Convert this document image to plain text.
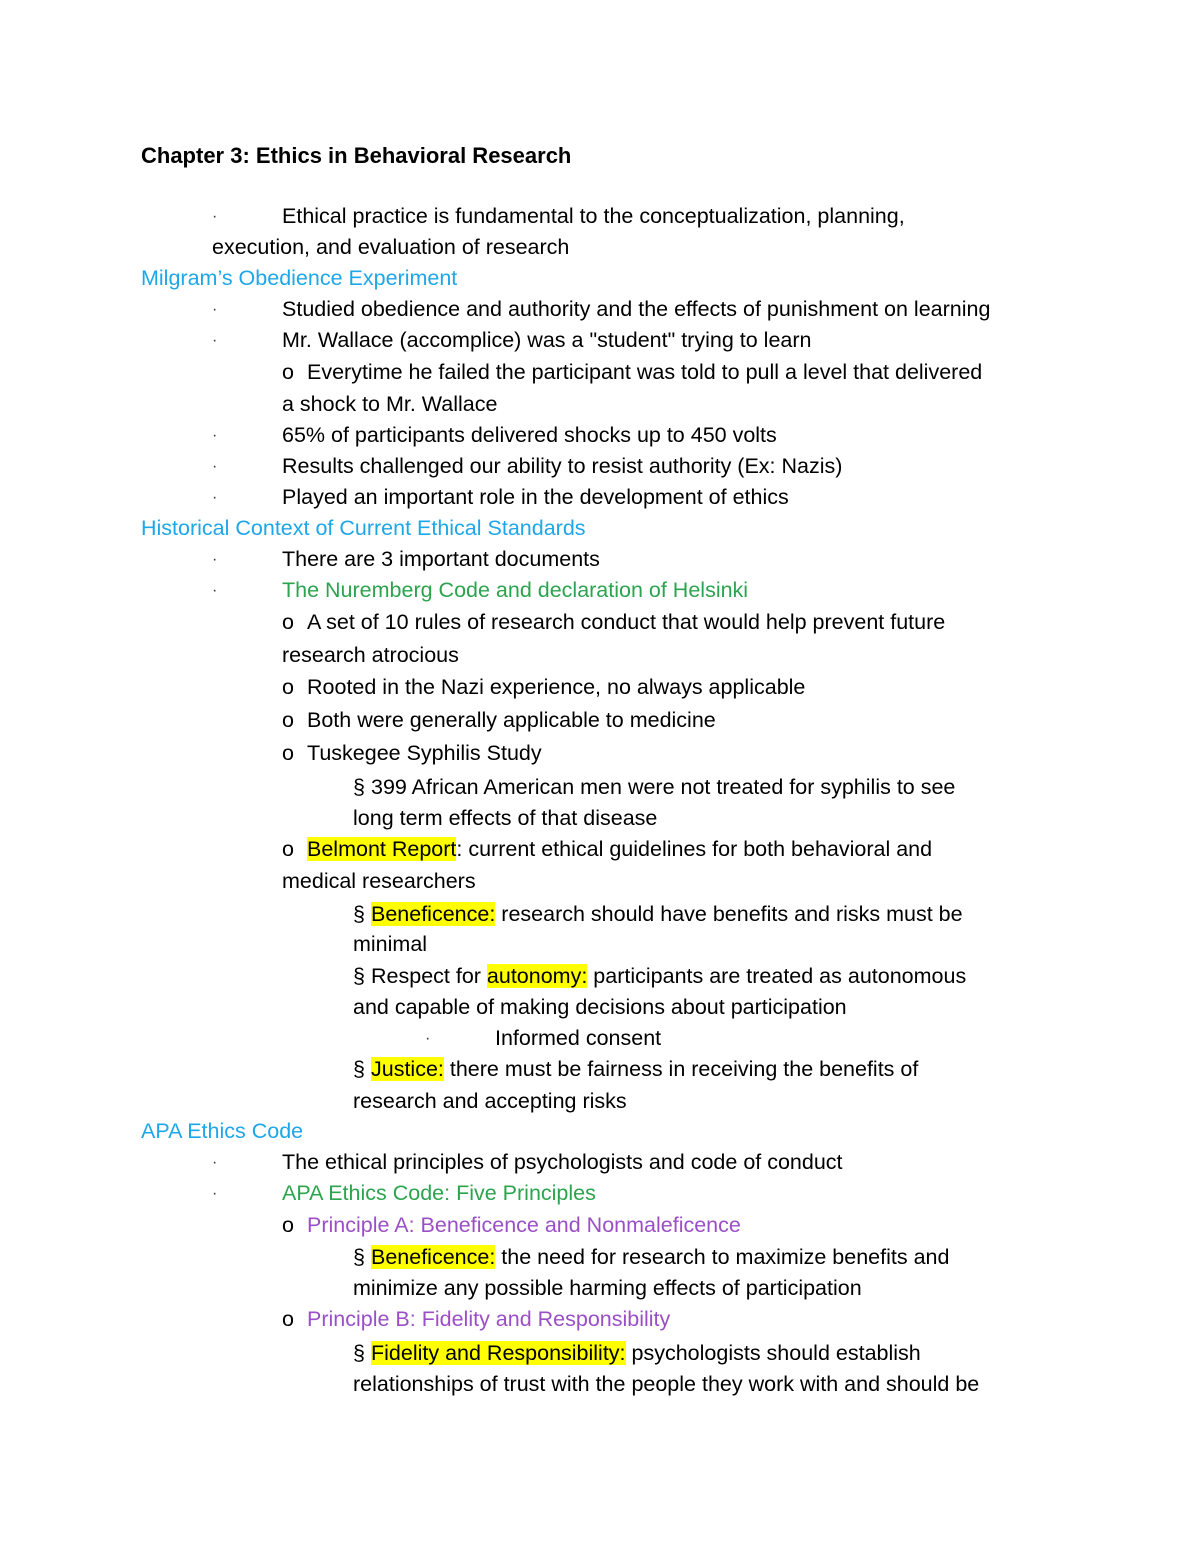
Chapter 3: Ethics in Behavioral Research
·	Ethical practice is fundamental to the conceptualization, planning,
execution, and evaluation of research
Milgram’s Obedience Experiment
·	Studied obedience and authority and the effects of punishment on learning
·	Mr. Wallace (accomplice) was a "student" trying to learn
o Everytime he failed the participant was told to pull a level that delivered
a shock to Mr. Wallace
·	65% of participants delivered shocks up to 450 volts
·	Results challenged our ability to resist authority (Ex: Nazis)
·	Played an important role in the development of ethics
Historical Context of Current Ethical Standards
·	There are 3 important documents
·	The Nuremberg Code and declaration of Helsinki
o A set of 10 rules of research conduct that would help prevent future
research atrocious
o Rooted in the Nazi experience, no always applicable
o Both were generally applicable to medicine
o Tuskegee Syphilis Study
§ 399 African American men were not treated for syphilis to see
long term effects of that disease
o Belmont Report: current ethical guidelines for both behavioral and
medical researchers
§ Beneficence: research should have benefits and risks must be
minimal
§ Respect for autonomy: participants are treated as autonomous
and capable of making decisions about participation
·	Informed consent
§ Justice: there must be fairness in receiving the benefits of
research and accepting risks
APA Ethics Code
·	The ethical principles of psychologists and code of conduct
·	APA Ethics Code: Five Principles
o Principle A: Beneficence and Nonmaleficence
§ Beneficence: the need for research to maximize benefits and
minimize any possible harming effects of participation
o Principle B: Fidelity and Responsibility
§ Fidelity and Responsibility: psychologists should establish
relationships of trust with the people they work with and should be
